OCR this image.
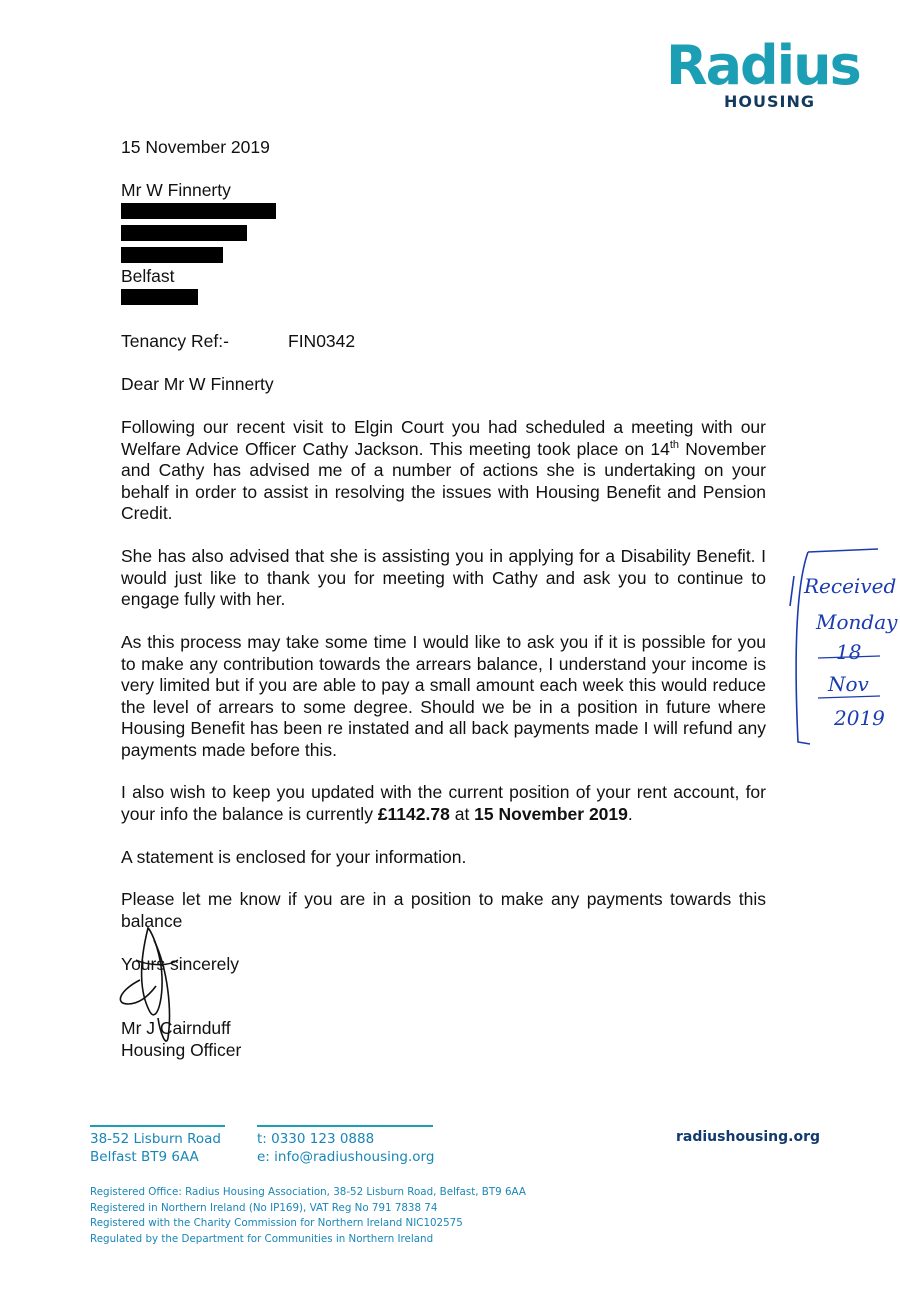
Radius
HOUSING

15 November 2019

Mr W Finnerty

Belfast

Tenancy Ref:-	FIN0342

Dear Mr W Finnerty

Following our recent visit to Elgin Court you had scheduled a meeting with our Welfare Advice Officer Cathy Jackson. This meeting took place on 14th November and Cathy has advised me of a number of actions she is undertaking on your behalf in order to assist in resolving the issues with Housing Benefit and Pension Credit.

She has also advised that she is assisting you in applying for a Disability Benefit. I would just like to thank you for meeting with Cathy and ask you to continue to engage fully with her.

As this process may take some time I would like to ask you if it is possible for you to make any contribution towards the arrears balance, I understand your income is very limited but if you are able to pay a small amount each week this would reduce the level of arrears to some degree. Should we be in a position in future where Housing Benefit has been re instated and all back payments made I will refund any payments made before this.

I also wish to keep you updated with the current position of your rent account, for your info the balance is currently £1142.78 at 15 November 2019.

A statement is enclosed for your information.

Please let me know if you are in a position to make any payments towards this balance

Yours sincerely

Mr J Cairnduff

Housing Officer

Received
Monday
18
Nov
2019
38-52 Lisburn Road
Belfast BT9 6AA
t: 0330 123 0888
e: info@radiushousing.org
radiushousing.org
Registered Office: Radius Housing Association, 38-52 Lisburn Road, Belfast, BT9 6AA
Registered in Northern Ireland (No IP169), VAT Reg No 791 7838 74
Registered with the Charity Commission for Northern Ireland NIC102575
Regulated by the Department for Communities in Northern Ireland
